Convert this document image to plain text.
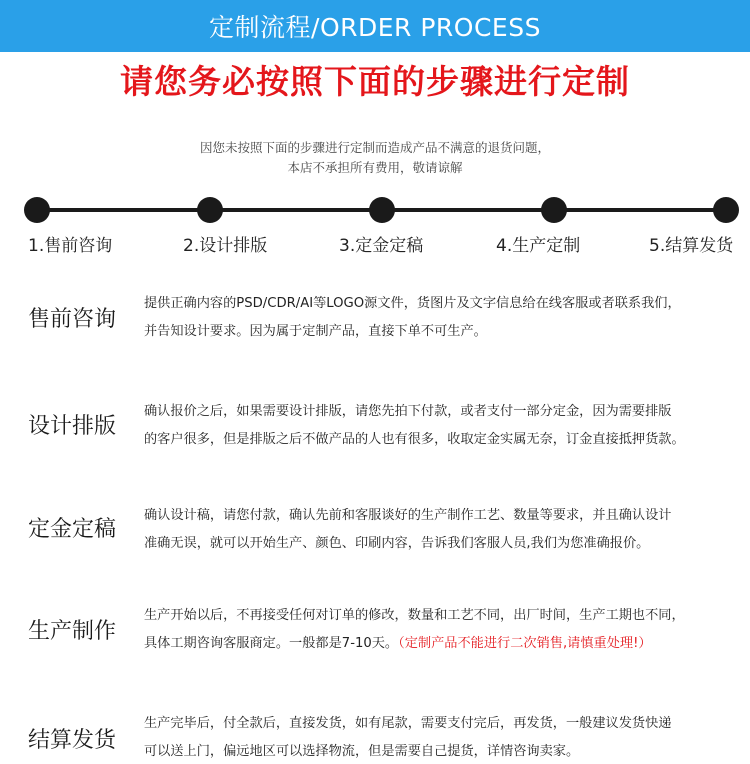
定制流程/ORDER PROCESS
请您务必按照下面的步骤进行定制
因您未按照下面的步骤进行定制而造成产品不满意的退货问题，
本店不承担所有费用，敬请谅解
1.售前咨询	2.设计排版	3.定金定稿	4.生产定制	5.结算发货
售前咨询
提供正确内容的PSD/CDR/AI等LOGO源文件，货图片及文字信息给在线客服或者联系我们，
并告知设计要求。因为属于定制产品，直接下单不可生产。
设计排版
确认报价之后，如果需要设计排版，请您先拍下付款，或者支付一部分定金，因为需要排版
的客户很多，但是排版之后不做产品的人也有很多，收取定金实属无奈，订金直接抵押货款。
定金定稿
确认设计稿，请您付款，确认先前和客服谈好的生产制作工艺、数量等要求，并且确认设计
准确无误，就可以开始生产、颜色、印刷内容，告诉我们客服人员,我们为您准确报价。
生产制作
生产开始以后，不再接受任何对订单的修改，数量和工艺不同，出厂时间，生产工期也不同，
具体工期咨询客服商定。一般都是7-10天。（定制产品不能进行二次销售,请慎重处理!）
结算发货
生产完毕后，付全款后，直接发货，如有尾款，需要支付完后，再发货，一般建议发货快递
可以送上门，偏远地区可以选择物流，但是需要自己提货，详情咨询卖家。
